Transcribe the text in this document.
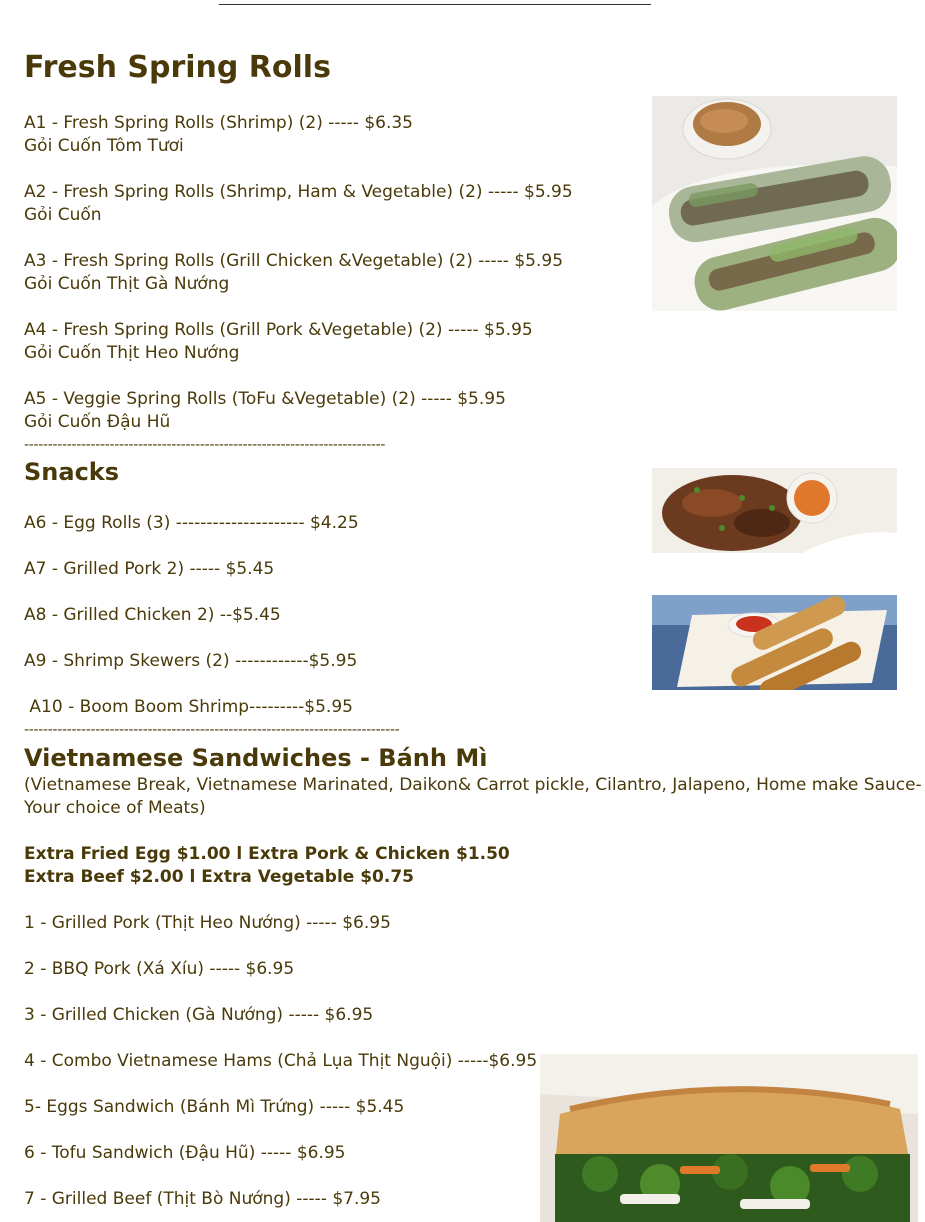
Fresh Spring Rolls
A1 - Fresh Spring Rolls (Shrimp) (2) ----- $6.35
Gỏi Cuốn Tôm Tươi
A2 - Fresh Spring Rolls (Shrimp, Ham & Vegetable) (2) ----- $5.95
Gỏi Cuốn
A3 - Fresh Spring Rolls (Grill Chicken &Vegetable) (2) ----- $5.95
Gỏi Cuốn Thịt Gà Nướng
A4 - Fresh Spring Rolls (Grill Pork &Vegetable) (2) ----- $5.95
Gỏi Cuốn Thịt Heo Nướng
A5 - Veggie Spring Rolls (ToFu &Vegetable) (2) ----- $5.95
Gỏi Cuốn Đậu Hũ
----------------------------------------------------------------------------
Snacks
A6 - Egg Rolls (3) --------------------- $4.25
A7 - Grilled Pork 2) ----- $5.45
A8 - Grilled Chicken 2) --$5.45
A9 - Shrimp Skewers (2) ------------$5.95
A10 - Boom Boom Shrimp---------$5.95
-------------------------------------------------------------------------------
Vietnamese Sandwiches - Bánh Mì
(Vietnamese Break, Vietnamese Marinated, Daikon& Carrot pickle, Cilantro, Jalapeno, Home make Sauce- Your choice of Meats)
Extra Fried Egg $1.00 l Extra Pork & Chicken $1.50
Extra Beef $2.00 l Extra Vegetable $0.75
1 - Grilled Pork (Thịt Heo Nướng) ----- $6.95
2 - BBQ Pork (Xá Xíu) ----- $6.95
3 - Grilled Chicken (Gà Nướng) ----- $6.95
4 - Combo Vietnamese Hams (Chả Lụa Thịt Nguội) -----$6.95
5- Eggs Sandwich (Bánh Mì Trứng) ----- $5.45
6 - Tofu Sandwich (Đậu Hũ) ----- $6.95
7 - Grilled Beef (Thịt Bò Nướng) ----- $7.95
